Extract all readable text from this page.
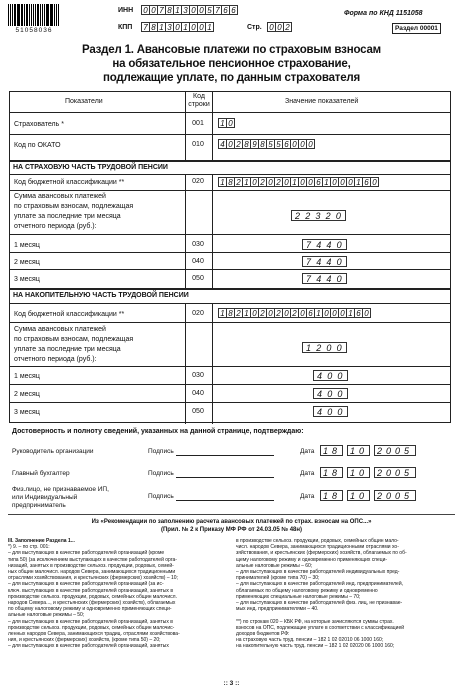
51058036
ИНН 0 0 7 8 1 3 0 0 5 7 6 6
КПП 7 8 1 3 0 1 0 0 1	Стр. 0 0 2
Форма по КНД 1151058
Раздел 00001
Раздел 1. Авансовые платежи по страховым взносам
на обязательное пенсионное страхование,
подлежащие уплате, по данным страхователя
Показатели
Код строки	Значение показателей
Страхователь *	001	1 0
Код по ОКАТО	010	4 0 2 8 9 8 5 5 6 0 0 0
НА СТРАХОВУЮ ЧАСТЬ ТРУДОВОЙ ПЕНСИИ
Код бюджетной классификации **	020	1 8 2 1 0 2 0 2 0 1 0 0 6 1 0 0 0 1 6 0
Сумма авансовых платежей
по страховым взносам, подлежащая
уплате за последние три месяца
отчетного периода (руб.):
22320
1 месяц	030	7440
2 месяц	040	7440
3 месяц	050	7440
НА НАКОПИТЕЛЬНУЮ ЧАСТЬ ТРУДОВОЙ ПЕНСИИ
Код бюджетной классификации **	020	1 8 2 1 0 2 0 2 0 2 0 6 1 0 0 0 1 6 0
Сумма авансовых платежей
по страховым взносам, подлежащая
уплате за последние три месяца
отчетного периода (руб.):
1200
1 месяц	030	400
2 месяц	040	400
3 месяц	050	400
Достоверность и полноту сведений, указанных на данной странице, подтверждаю:
Руководитель организации	Подпись	Дата 18 10 2005
Главный бухгалтер	Подпись	Дата 18 10 2005
Физ.лицо, не признаваемое ИП,
или Индивидуальный
предприниматель
Подпись	Дата 18 10 2005
Из «Рекомендации по заполнению расчета авансовых платежей по страх. взносам на ОПС...»
(Прил. № 2 к Приказу МФ РФ от 24.03.05 № 48н)
III. Заполнение Раздела 1...
*) 9. – по стр. 001:
– для выступающих в качестве работодателей организаций (кроме
типа 50) (за исключением выступающих в качестве работодателей орга-
низаций, занятых в производстве сельхоз. продукции, родовых, семей-
ных общин малочисл. народов Севера, занимающихся традиционными
отраслями хозяйствования, и крестьянских (фермерских) хозяйств) – 10;
– для выступающих в качестве работодателей организаций (за ис-
ключ. выступающих в качестве работодателей организаций, занятых в
производстве сельхоз. продукции, родовых, семейных общин малочисл.
народов Севера..., и крестьянских (фермерских) хозяйств), облагаемых
по общему налоговому режиму и одновременно применяющих специ-
альные налоговые режимы – 50;
– для выступающих в качестве работодателей организаций, занятых в
производстве сельхоз. продукции, родовых, семейных общин малочис-
ленных народов Севера, занимающихся традиц. отраслями хозяйствова-
ния, и крестьянских (фермерских) хозяйств, (кроме типа 50) – 20;
– для выступающих в качестве работодателей организаций, занятых
в производстве сельхоз. продукции, родовых, семейных общин мало-
числ. народов Севера, занимающихся традиционными отраслями хо-
зяйствования, и крестьянских (фермерских) хозяйств, облагаемых по об-
щему налоговому режиму и одновременно применяющих специ-
альные налоговые режимы – 60;
– для выступающих в качестве работодателей индивидуальных пред-
принимателей (кроме типа 70) – 30;
– для выступающих в качестве работодателей инд. предпринимателей,
облагаемых по общему налоговому режиму и одновременно
применяющих специальные налоговые режимы – 70;
– для выступающих в качестве работодателей физ. лиц, не признавае-
мых инд. предпринимателями – 40.

**) по строкам 020 – КБК РФ, на которые зачисляются суммы страх.
взносов на ОПС, подлежащие уплате в соответствии с классификацией
доходов бюджетов РФ:
на страховую часть труд. пенсии – 182 1 02 02010 06 1000 160;
на накопительную часть труд. пенсии – 182 1 02 02020 06 1000 160;
:: 3 ::
